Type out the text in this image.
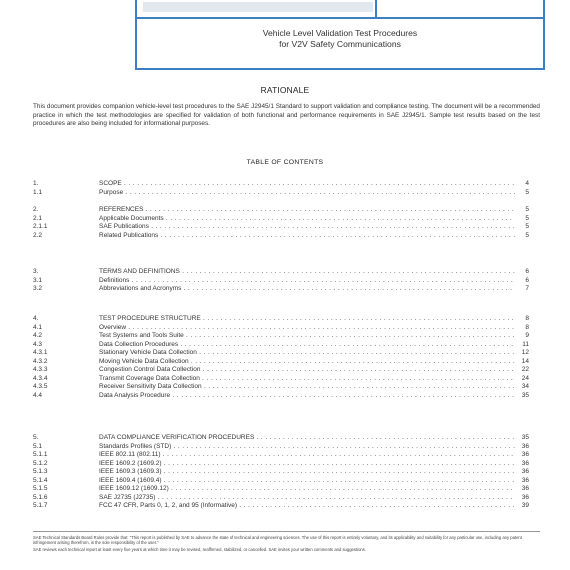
Vehicle Level Validation Test Procedures
for V2V Safety Communications
RATIONALE
This document provides companion vehicle-level test procedures to the SAE J2945/1 Standard to support validation and compliance testing. The document will be a recommended practice in which the test methodologies are specified for validation of both functional and performance requirements in SAE J2945/1. Sample test results based on the test procedures are also being included for informational purposes.
TABLE OF CONTENTS
1.	SCOPE . . .	4
1.1	Purpose . . .	5
2.	REFERENCES . . .	5
2.1	Applicable Documents . . .	5
2.1.1	SAE Publications . . .	5
2.2	Related Publications . . .	5
3.	TERMS AND DEFINITIONS . . .	6
3.1	Definitions . . .	6
3.2	Abbreviations and Acronyms . . .	7
4.	TEST PROCEDURE STRUCTURE . . .	8
4.1	Overview . . .	8
4.2	Test Systems and Tools Suite . . .	9
4.3	Data Collection Procedures . . .	11
4.3.1	Stationary Vehicle Data Collection . . .	12
4.3.2	Moving Vehicle Data Collection . . .	14
4.3.3	Congestion Control Data Collection . . .	22
4.3.4	Transmit Coverage Data Collection . . .	24
4.3.5	Receiver Sensitivity Data Collection . . .	34
4.4	Data Analysis Procedure . . .	35
5.	DATA COMPLIANCE VERIFICATION PROCEDURES . . .	35
5.1	Standards Profiles (STD) . . .	36
5.1.1	IEEE 802.11 (802.11) . . .	36
5.1.2	IEEE 1609.2 (1609.2) . . .	36
5.1.3	IEEE 1609.3 (1609.3) . . .	36
5.1.4	IEEE 1609.4 (1609.4) . . .	36
5.1.5	IEEE 1609.12 (1609.12) . . .	36
5.1.6	SAE J2735 (J2735) . . .	36
5.1.7	FCC 47 CFR, Parts 0, 1, 2, and 95 (Informative) . . .	39

SAE Technical Standards Board Rules provide that: "This report is published by SAE to advance the state of technical and engineering sciences. The use of this report is entirely voluntary, and its applicability and suitability for any particular use, including any patent infringement arising therefrom, is the sole responsibility of the user."

SAE reviews each technical report at least every five years at which time it may be revised, reaffirmed, stabilized, or cancelled. SAE invites your written comments and suggestions.
